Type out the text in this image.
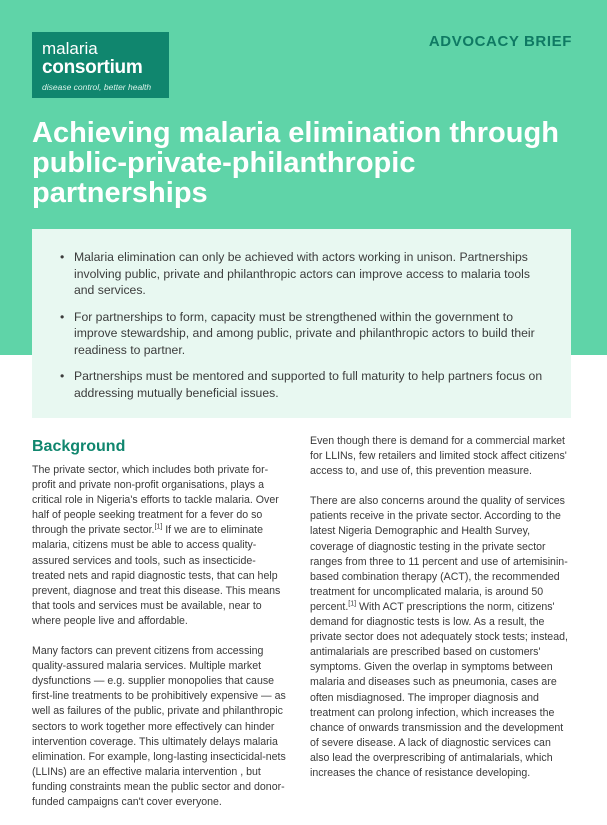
malaria
consortium
disease control, better health
ADVOCACY BRIEF
Achieving malaria elimination through public-private-philanthropic partnerships
• Malaria elimination can only be achieved with actors working in unison. Partnerships involving public, private and philanthropic actors can improve access to malaria tools and services.
• For partnerships to form, capacity must be strengthened within the government to improve stewardship, and among public, private and philanthropic actors to build their readiness to partner.
• Partnerships must be mentored and supported to full maturity to help partners focus on addressing mutually beneficial issues.
Background

The private sector, which includes both private for-profit and private non-profit organisations, plays a critical role in Nigeria's efforts to tackle malaria. Over half of people seeking treatment for a fever do so through the private sector.[1] If we are to eliminate malaria, citizens must be able to access quality-assured services and tools, such as insecticide-treated nets and rapid diagnostic tests, that can help prevent, diagnose and treat this disease. This means that tools and services must be available, near to where people live and affordable.

Many factors can prevent citizens from accessing quality-assured malaria services. Multiple market dysfunctions — e.g. supplier monopolies that cause first-line treatments to be prohibitively expensive — as well as failures of the public, private and philanthropic sectors to work together more effectively can hinder intervention coverage. This ultimately delays malaria elimination. For example, long-lasting insecticidal-nets (LLINs) are an effective malaria intervention , but funding constraints mean the public sector and donor-funded campaigns can't cover everyone.

Even though there is demand for a commercial market for LLINs, few retailers and limited stock affect citizens' access to, and use of, this prevention measure.

There are also concerns around the quality of services patients receive in the private sector. According to the latest Nigeria Demographic and Health Survey, coverage of diagnostic testing in the private sector ranges from three to 11 percent and use of artemisinin-based combination therapy (ACT), the recommended treatment for uncomplicated malaria, is around 50 percent.[1] With ACT prescriptions the norm, citizens' demand for diagnostic tests is low. As a result, the private sector does not adequately stock tests; instead, antimalarials are prescribed based on customers' symptoms. Given the overlap in symptoms between malaria and diseases such as pneumonia, cases are often misdiagnosed. The improper diagnosis and treatment can prolong infection, which increases the chance of onwards transmission and the development of severe disease. A lack of diagnostic services can also lead the overprescribing of antimalarials, which increases the chance of resistance developing.
